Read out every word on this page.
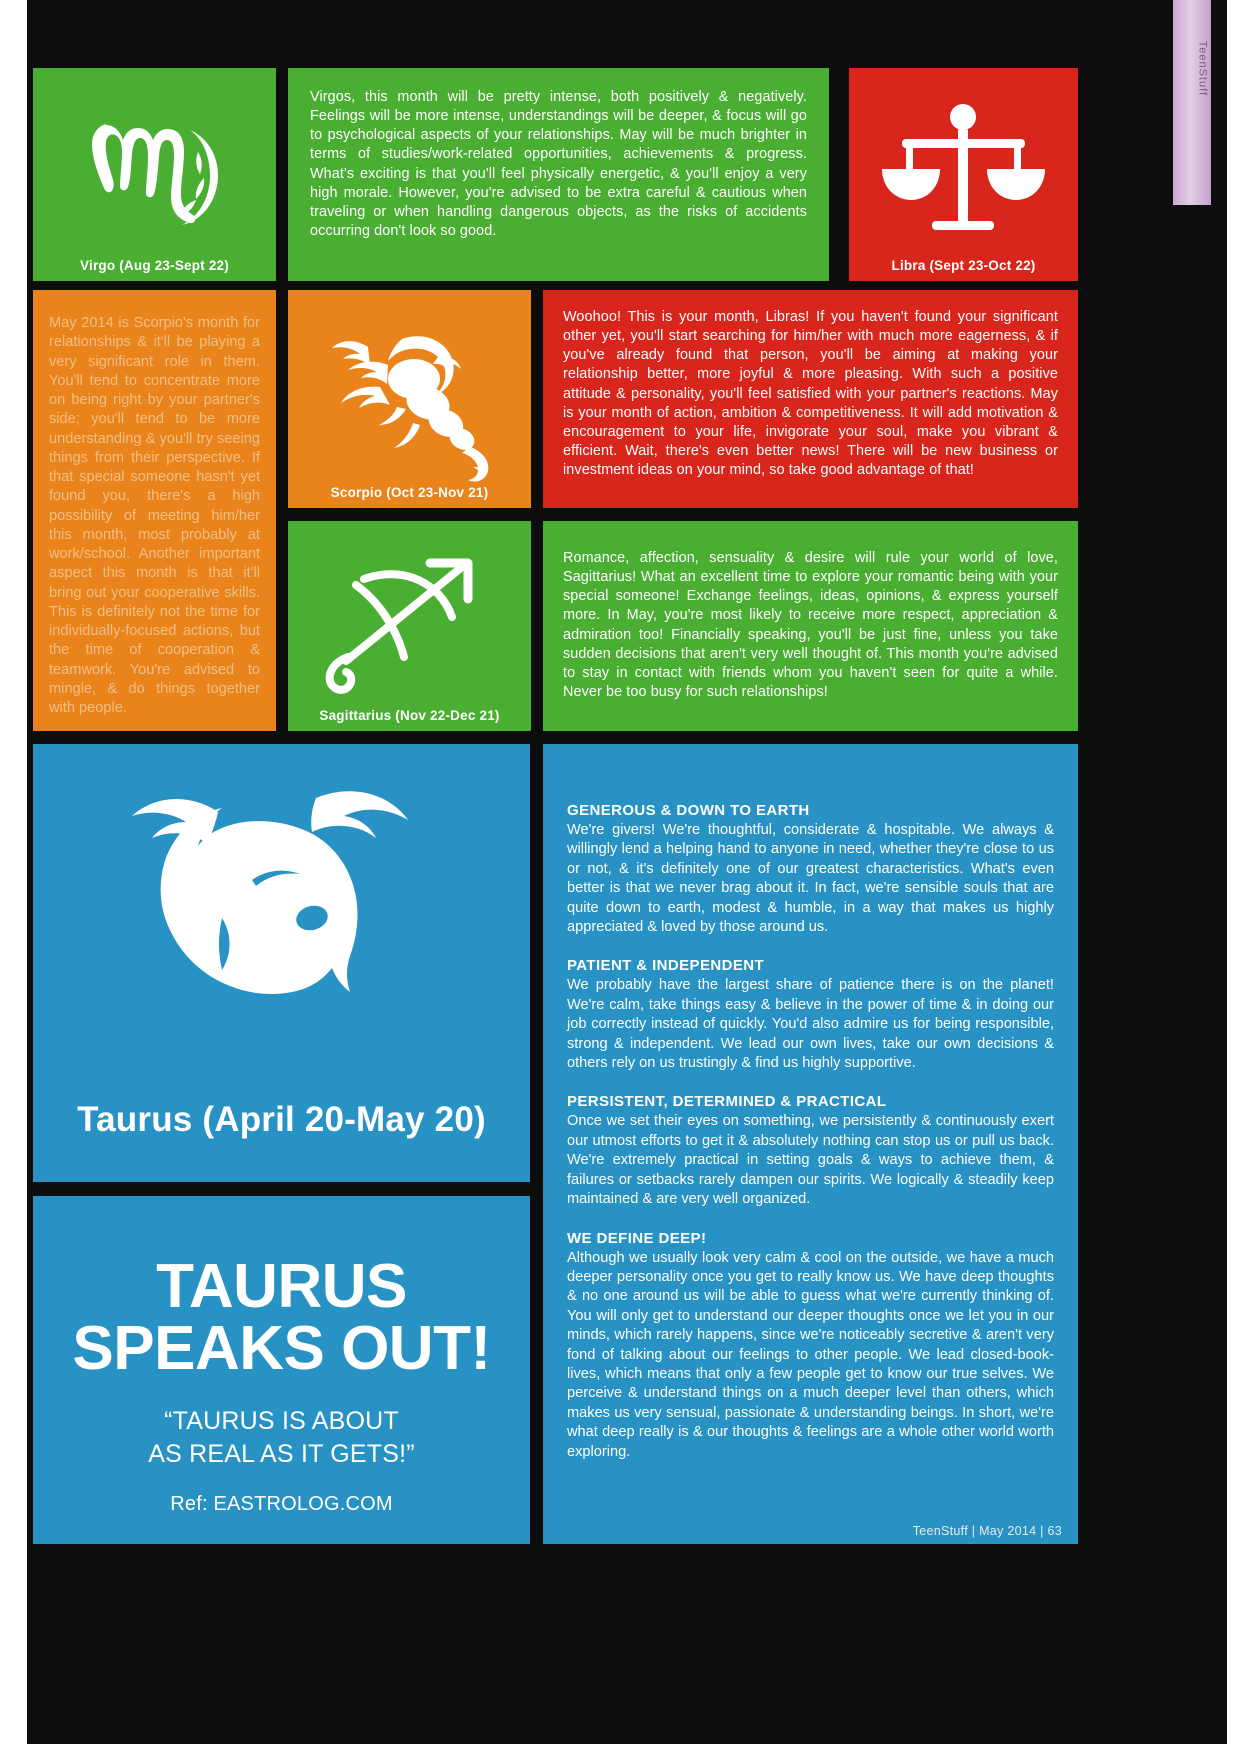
TeenStuff
Virgo (Aug 23-Sept 22)
Virgos, this month will be pretty intense, both positively & negatively. Feelings will be more intense, understandings will be deeper, & focus will go to psychological aspects of your relationships. May will be much brighter in terms of studies/work-related opportunities, achievements & progress. What's exciting is that you'll feel physically energetic, & you'll enjoy a very high morale. However, you're advised to be extra careful & cautious when traveling or when handling dangerous objects, as the risks of accidents occurring don't look so good.
Libra (Sept 23-Oct 22)
May 2014 is Scorpio's month for relationships & it'll be playing a very significant role in them. You'll tend to concentrate more on being right by your partner's side; you'll tend to be more understanding & you'll try seeing things from their perspective. If that special someone hasn't yet found you, there's a high possibility of meeting him/her this month, most probably at work/school. Another important aspect this month is that it'll bring out your cooperative skills. This is definitely not the time for individually-focused actions, but the time of cooperation & teamwork. You're advised to mingle, & do things together with people.
Scorpio (Oct 23-Nov 21)
Woohoo! This is your month, Libras! If you haven't found your significant other yet, you'll start searching for him/her with much more eagerness, & if you've already found that person, you'll be aiming at making your relationship better, more joyful & more pleasing. With such a positive attitude & personality, you'll feel satisfied with your partner's reactions. May is your month of action, ambition & competitiveness. It will add motivation & encouragement to your life, invigorate your soul, make you vibrant & efficient. Wait, there's even better news! There will be new business or investment ideas on your mind, so take good advantage of that!
Sagittarius (Nov 22-Dec 21)
Romance, affection, sensuality & desire will rule your world of love, Sagittarius! What an excellent time to explore your romantic being with your special someone! Exchange feelings, ideas, opinions, & express yourself more. In May, you're most likely to receive more respect, appreciation & admiration too! Financially speaking, you'll be just fine, unless you take sudden decisions that aren't very well thought of. This month you're advised to stay in contact with friends whom you haven't seen for quite a while. Never be too busy for such relationships!
Taurus (April 20-May 20)
TAURUS
SPEAKS OUT!
“TAURUS IS ABOUT
AS REAL AS IT GETS!”
Ref: EASTROLOG.COM
GENEROUS & DOWN TO EARTH

We're givers! We're thoughtful, considerate & hospitable. We always & willingly lend a helping hand to anyone in need, whether they're close to us or not, & it's definitely one of our greatest characteristics. What's even better is that we never brag about it. In fact, we're sensible souls that are quite down to earth, modest & humble, in a way that makes us highly appreciated & loved by those around us.

PATIENT & INDEPENDENT

We probably have the largest share of patience there is on the planet! We're calm, take things easy & believe in the power of time & in doing our job correctly instead of quickly. You'd also admire us for being responsible, strong & independent. We lead our own lives, take our own decisions & others rely on us trustingly & find us highly supportive.

PERSISTENT, DETERMINED & PRACTICAL

Once we set their eyes on something, we persistently & continuously exert our utmost efforts to get it & absolutely nothing can stop us or pull us back. We're extremely practical in setting goals & ways to achieve them, & failures or setbacks rarely dampen our spirits. We logically & steadily keep maintained & are very well organized.

WE DEFINE DEEP!

Although we usually look very calm & cool on the outside, we have a much deeper personality once you get to really know us. We have deep thoughts & no one around us will be able to guess what we're currently thinking of. You will only get to understand our deeper thoughts once we let you in our minds, which rarely happens, since we're noticeably secretive & aren't very fond of talking about our feelings to other people. We lead closed-book-lives, which means that only a few people get to know our true selves. We perceive & understand things on a much deeper level than others, which makes us very sensual, passionate & understanding beings. In short, we're what deep really is & our thoughts & feelings are a whole other world worth exploring.

TeenStuff | May 2014 | 63
